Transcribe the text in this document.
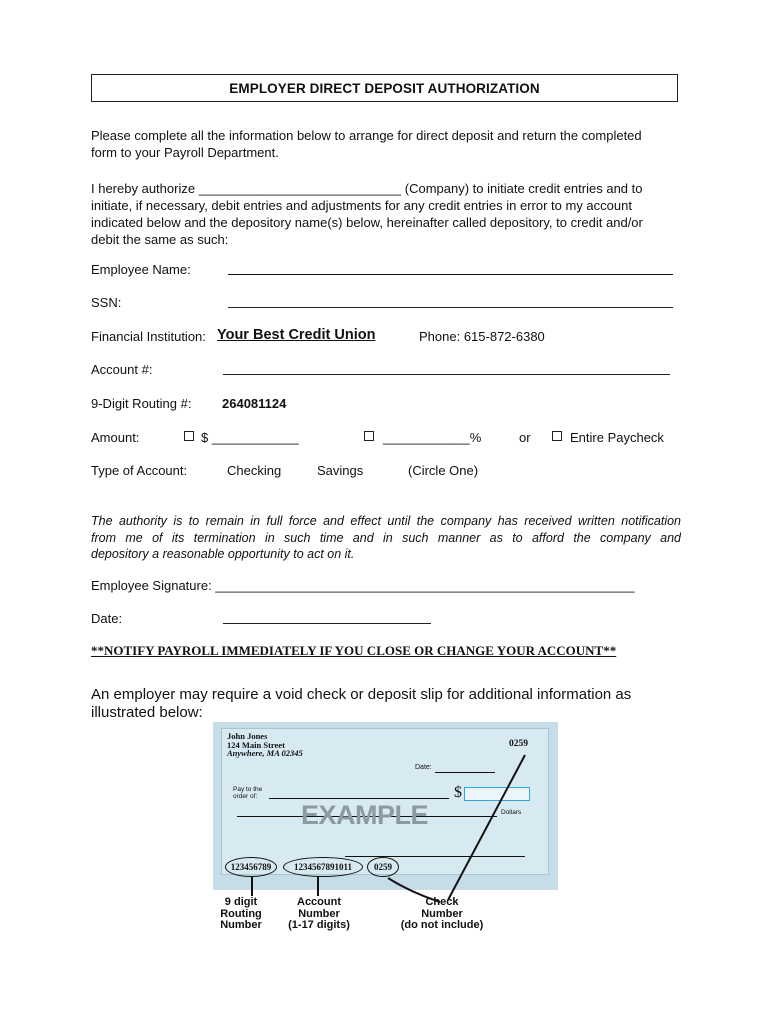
EMPLOYER DIRECT DEPOSIT AUTHORIZATION
Please complete all the information below to arrange for direct deposit and return the completed
form to your Payroll Department.
I hereby authorize ____________________________ (Company) to initiate credit entries and to
initiate, if necessary, debit entries and adjustments for any credit entries in error to my account
indicated below and the depository name(s) below, hereinafter called depository, to credit and/or
debit the same as such:
Employee Name:
SSN:
Financial Institution: Your Best Credit Union	Phone: 615-872-6380
Account #:
9-Digit Routing #: 264081124
Amount:	$ ____________	____________%	or	Entire Paycheck
Type of Account:	Checking	Savings	(Circle One)
The authority is to remain in full force and effect until the company has received written notification
from me of its termination in such time and in such manner as to afford the company and
depository a reasonable opportunity to act on it.
Employee Signature: __________________________________________________________
Date:
**NOTIFY PAYROLL IMMEDIATELY IF YOU CLOSE OR CHANGE YOUR ACCOUNT**
An employer may require a void check or deposit slip for additional information as
illustrated below:
John Jones
124 Main Street
Anywhere, MA 02345
0259
Date:
Pay to the
order of:	$
EXAMPLE	Dollars
123456789	1234567891011	0259
9 digit
Routing
Number
Account
Number
(1-17 digits)
Check
Number
(do not include)
